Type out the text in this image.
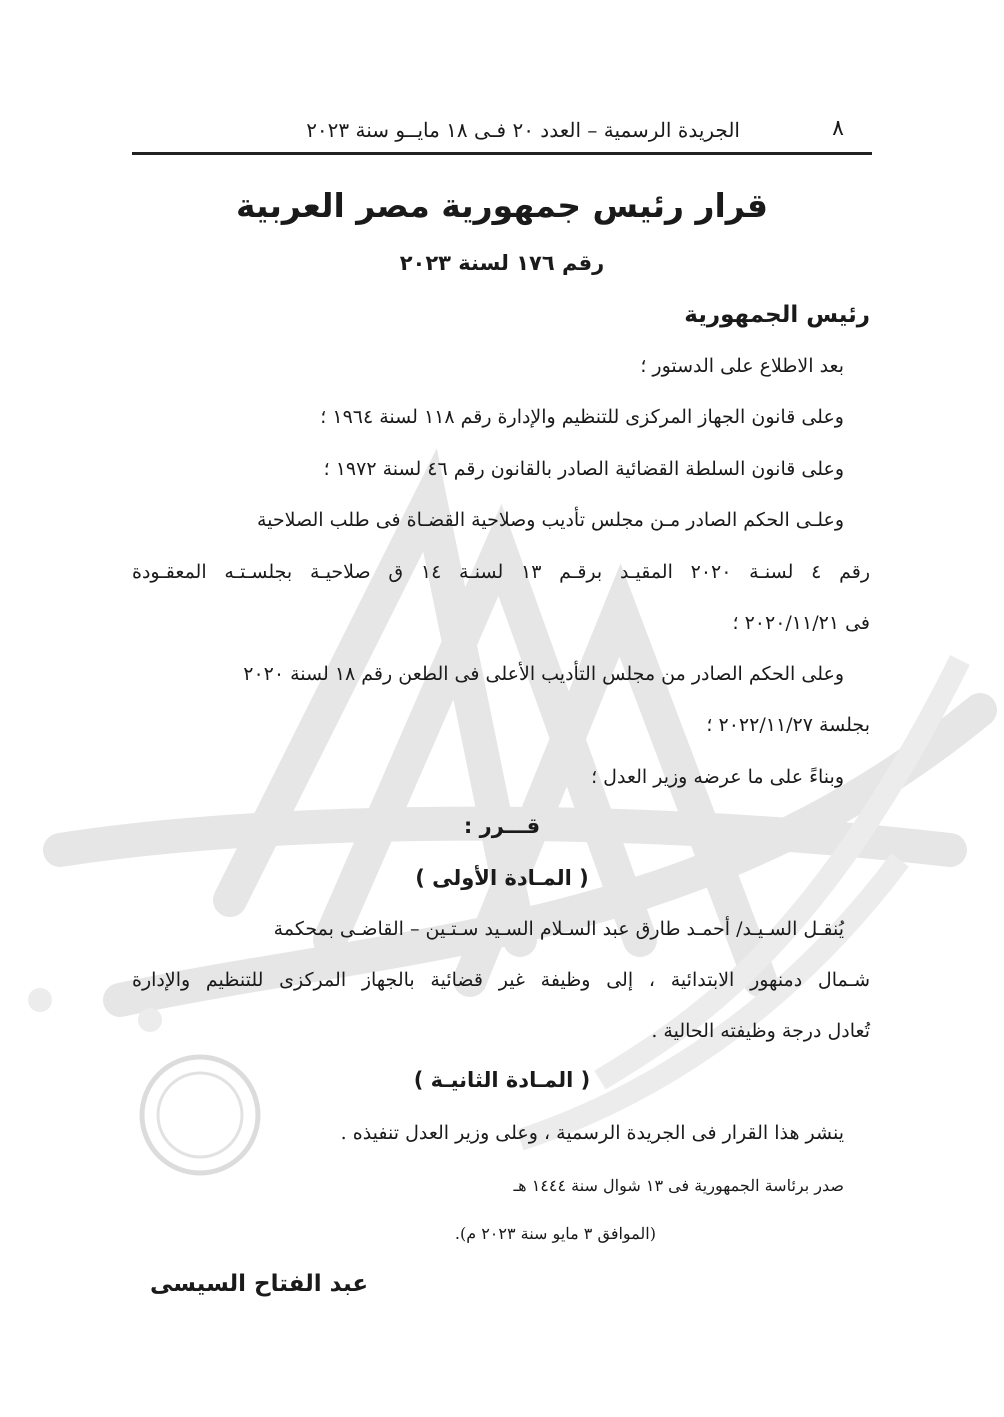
٨
الجريدة الرسمية – العدد ٢٠ فـى ١٨ مايــو سنة ٢٠٢٣
قرار رئيس جمهورية مصر العربية
رقم ١٧٦ لسنة ٢٠٢٣
رئيس الجمهورية
بعد الاطلاع على الدستور ؛
وعلى قانون الجهاز المركزى للتنظيم والإدارة رقم ١١٨ لسنة ١٩٦٤ ؛
وعلى قانون السلطة القضائية الصادر بالقانون رقم ٤٦ لسنة ١٩٧٢ ؛
وعلـى الحكم الصادر مـن مجلس تأديب وصلاحية القضـاة فى طلب الصلاحية
رقم ٤ لسنـة ٢٠٢٠ المقيـد برقـم ١٣ لسنـة ١٤ ق صلاحيـة بجلسـتـه المعقـودة
فى ٢٠٢٠/١١/٢١ ؛
وعلى الحكم الصادر من مجلس التأديب الأعلى فى الطعن رقم ١٨ لسنة ٢٠٢٠
بجلسة ٢٠٢٢/١١/٢٧ ؛
وبناءً على ما عرضه وزير العدل ؛
قـــرر :
( المـادة الأولى )
يُنقـل السـيـد/ أحمـد طارق عبد السـلام السـيد سـتـين – القاضـى بمحكمة
شـمال دمنهور الابتدائية ، إلى وظيفة غير قضائية بالجهاز المركزى للتنظيم والإدارة
تُعادل درجة وظيفته الحالية .
( المـادة الثانيـة )
ينشر هذا القرار فى الجريدة الرسمية ، وعلى وزير العدل تنفيذه .
صدر برئاسة الجمهورية فى ١٣ شوال سنة ١٤٤٤ هـ
(الموافق ٣ مايو سنة ٢٠٢٣ م).
عبد الفتاح السيسى
